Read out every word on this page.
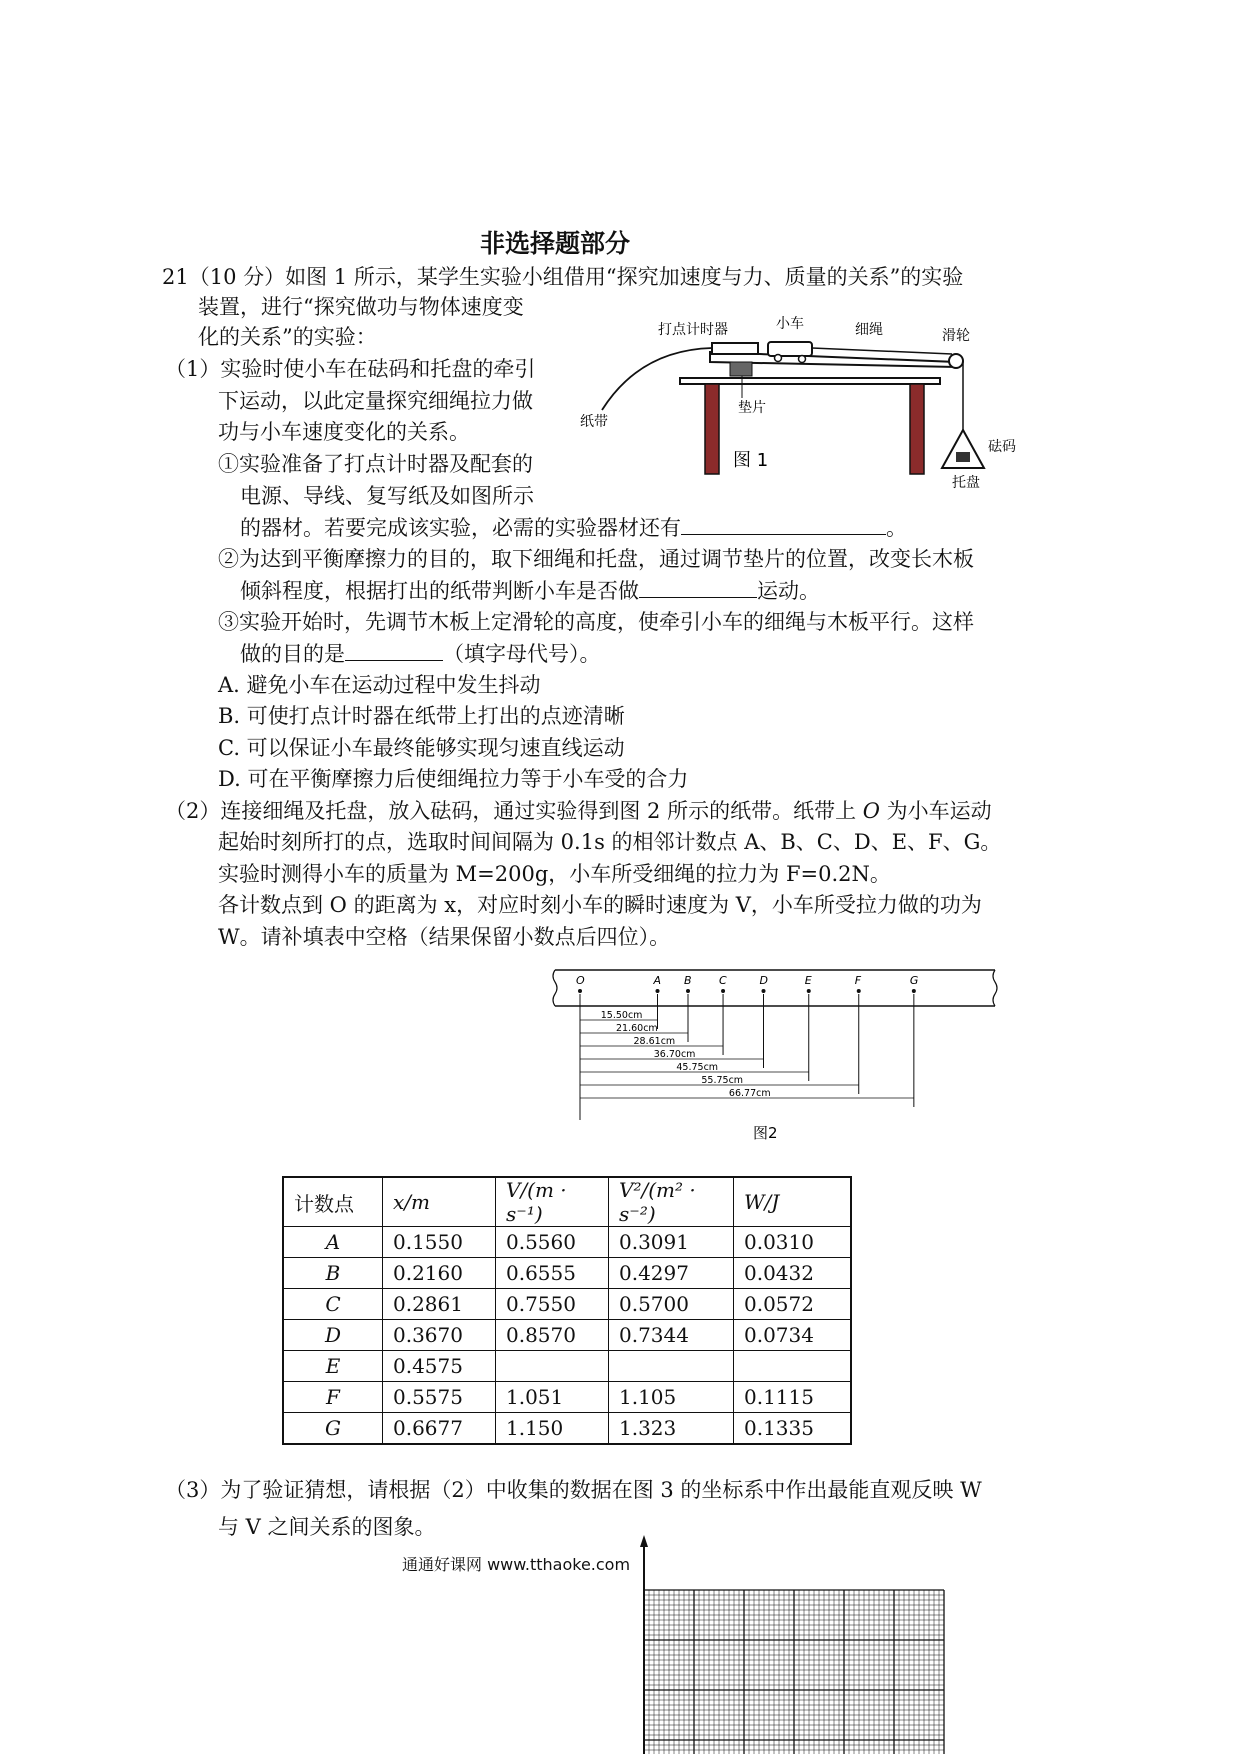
非选择题部分
21（10 分）如图 1 所示，某学生实验小组借用“探究加速度与力、质量的关系”的实验
装置，进行“探究做功与物体速度变
化的关系”的实验：
（1）实验时使小车在砝码和托盘的牵引
下运动，以此定量探究细绳拉力做
功与小车速度变化的关系。
①实验准备了打点计时器及配套的
电源、导线、复写纸及如图所示
的器材。若要完成该实验，必需的实验器材还有	。
②为达到平衡摩擦力的目的，取下细绳和托盘，通过调节垫片的位置，改变长木板
倾斜程度，根据打出的纸带判断小车是否做	运动。
③实验开始时，先调节木板上定滑轮的高度，使牵引小车的细绳与木板平行。这样
做的目的是	（填字母代号）。
A. 避免小车在运动过程中发生抖动
B. 可使打点计时器在纸带上打出的点迹清晰
C. 可以保证小车最终能够实现匀速直线运动
D. 可在平衡摩擦力后使细绳拉力等于小车受的合力
（2）连接细绳及托盘，放入砝码，通过实验得到图 2 所示的纸带。纸带上 O 为小车运动
起始时刻所打的点，选取时间间隔为 0.1s 的相邻计数点 A、B、C、D、E、F、G。
实验时测得小车的质量为 M=200g，小车所受细绳的拉力为 F=0.2N。
各计数点到 O 的距离为 x，对应时刻小车的瞬时速度为 V，小车所受拉力做的功为
W。请补填表中空格（结果保留小数点后四位）。
打点计时器	小车	细绳	滑轮
纸带
垫片
砝码
托盘
图 1
O	A B	C	D	E	F	G
15.50cm
21.60cm
28.61cm
36.70cm
45.75cm
55.75cm
66.77cm
图2
计数点	x/m	V/(m · s⁻¹)	V²/(m² · s⁻²)	W/J
A	0.1550	0.5560	0.3091	0.0310
B	0.2160	0.6555	0.4297	0.0432
C	0.2861	0.7550	0.5700	0.0572
D	0.3670	0.8570	0.7344	0.0734
E	0.4575			
F	0.5575	1.051	1.105	0.1115
G	0.6677	1.150	1.323	0.1335
（3）为了验证猜想，请根据（2）中收集的数据在图 3 的坐标系中作出最能直观反映 W
与 V 之间关系的图象。
通通好课网 www.tthaoke.com
